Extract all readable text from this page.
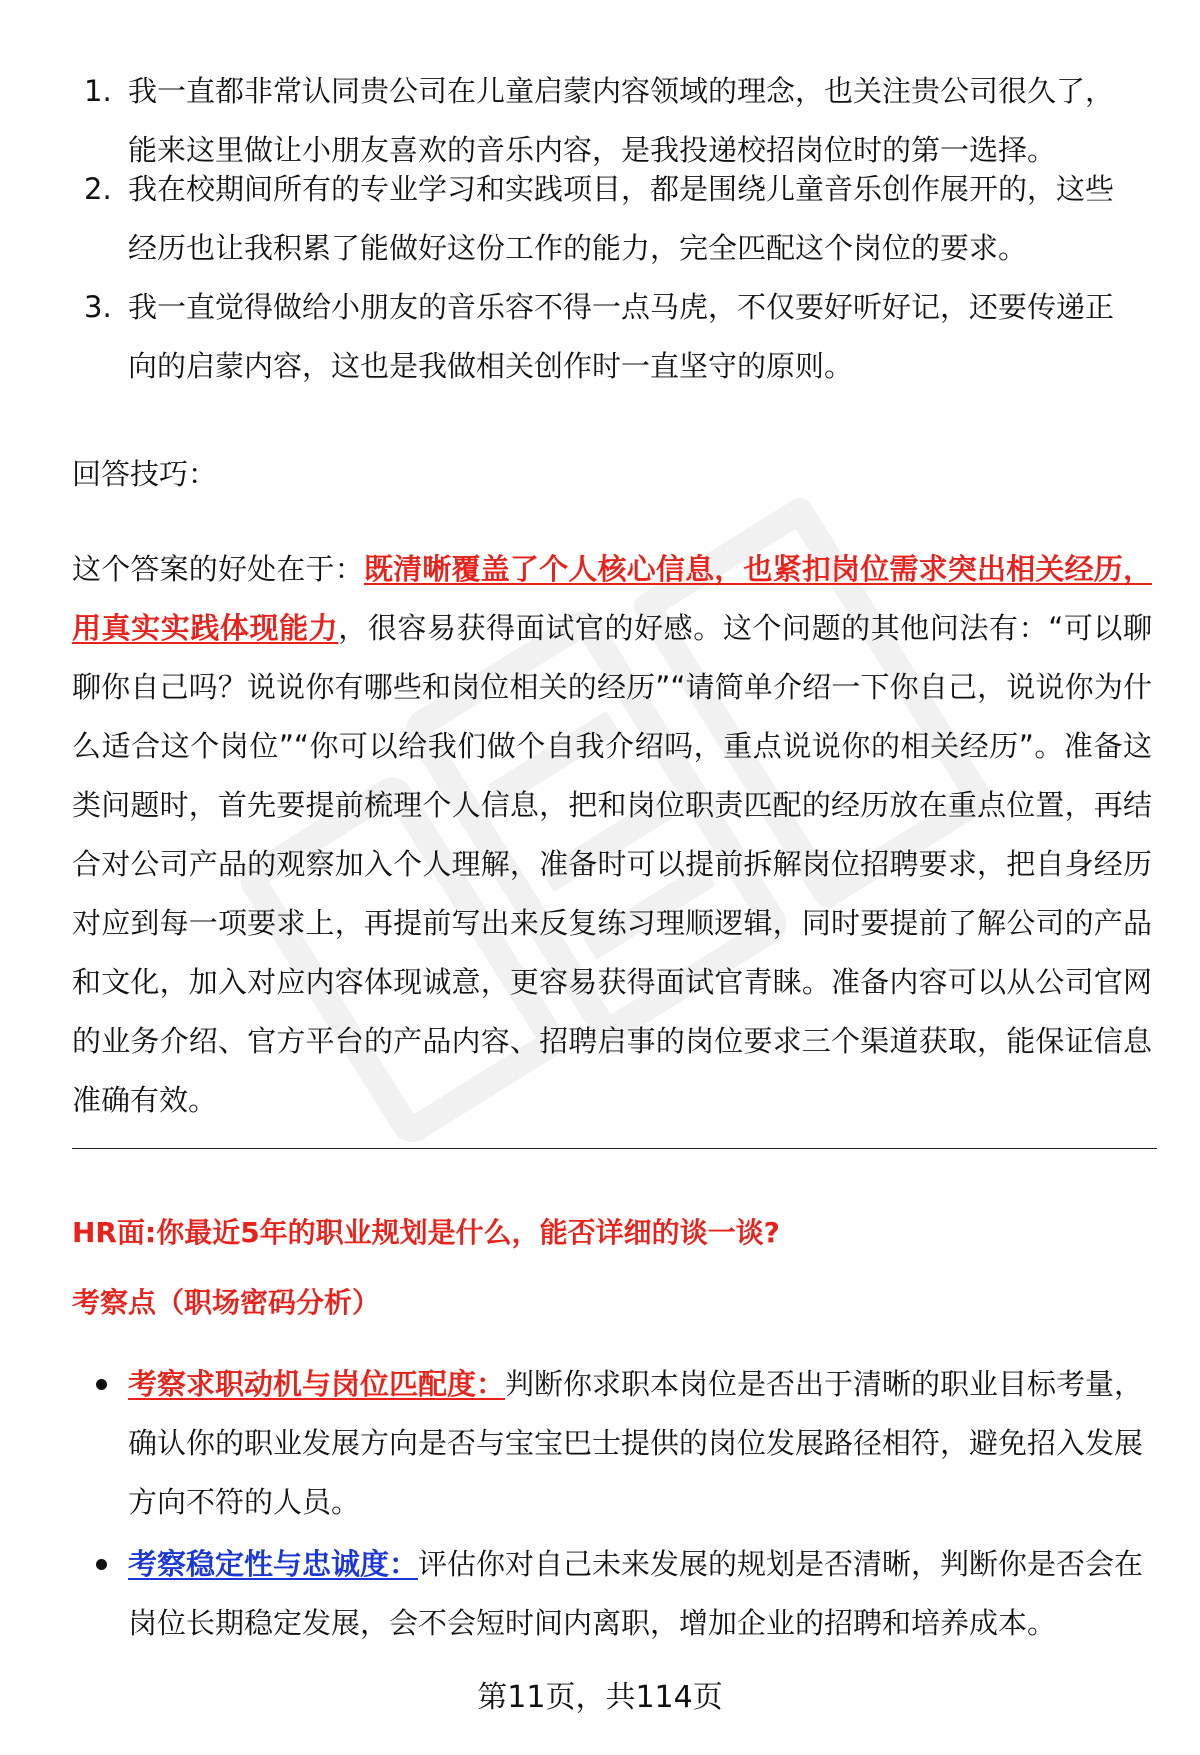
1. 我一直都非常认同贵公司在儿童启蒙内容领域的理念，也关注贵公司很久了，能来这里做让小朋友喜欢的音乐内容，是我投递校招岗位时的第一选择。
2. 我在校期间所有的专业学习和实践项目，都是围绕儿童音乐创作展开的，这些经历也让我积累了能做好这份工作的能力，完全匹配这个岗位的要求。
3. 我一直觉得做给小朋友的音乐容不得一点马虎，不仅要好听好记，还要传递正向的启蒙内容，这也是我做相关创作时一直坚守的原则。
回答技巧：
这个答案的好处在于：既清晰覆盖了个人核心信息，也紧扣岗位需求突出相关经历，用真实实践体现能力，很容易获得面试官的好感。这个问题的其他问法有：“可以聊聊你自己吗？说说你有哪些和岗位相关的经历”“请简单介绍一下你自己，说说你为什么适合这个岗位”“你可以给我们做个自我介绍吗，重点说说你的相关经历”。准备这类问题时，首先要提前梳理个人信息，把和岗位职责匹配的经历放在重点位置，再结合对公司产品的观察加入个人理解，准备时可以提前拆解岗位招聘要求，把自身经历对应到每一项要求上，再提前写出来反复练习理顺逻辑，同时要提前了解公司的产品和文化，加入对应内容体现诚意，更容易获得面试官青睐。准备内容可以从公司官网的业务介绍、官方平台的产品内容、招聘启事的岗位要求三个渠道获取，能保证信息准确有效。
HR面:你最近5年的职业规划是什么，能否详细的谈一谈?
考察点（职场密码分析）
考察求职动机与岗位匹配度：判断你求职本岗位是否出于清晰的职业目标考量，确认你的职业发展方向是否与宝宝巴士提供的岗位发展路径相符，避免招入发展方向不符的人员。
考察稳定性与忠诚度：评估你对自己未来发展的规划是否清晰，判断你是否会在岗位长期稳定发展，会不会短时间内离职，增加企业的招聘和培养成本。
第11页，共114页
